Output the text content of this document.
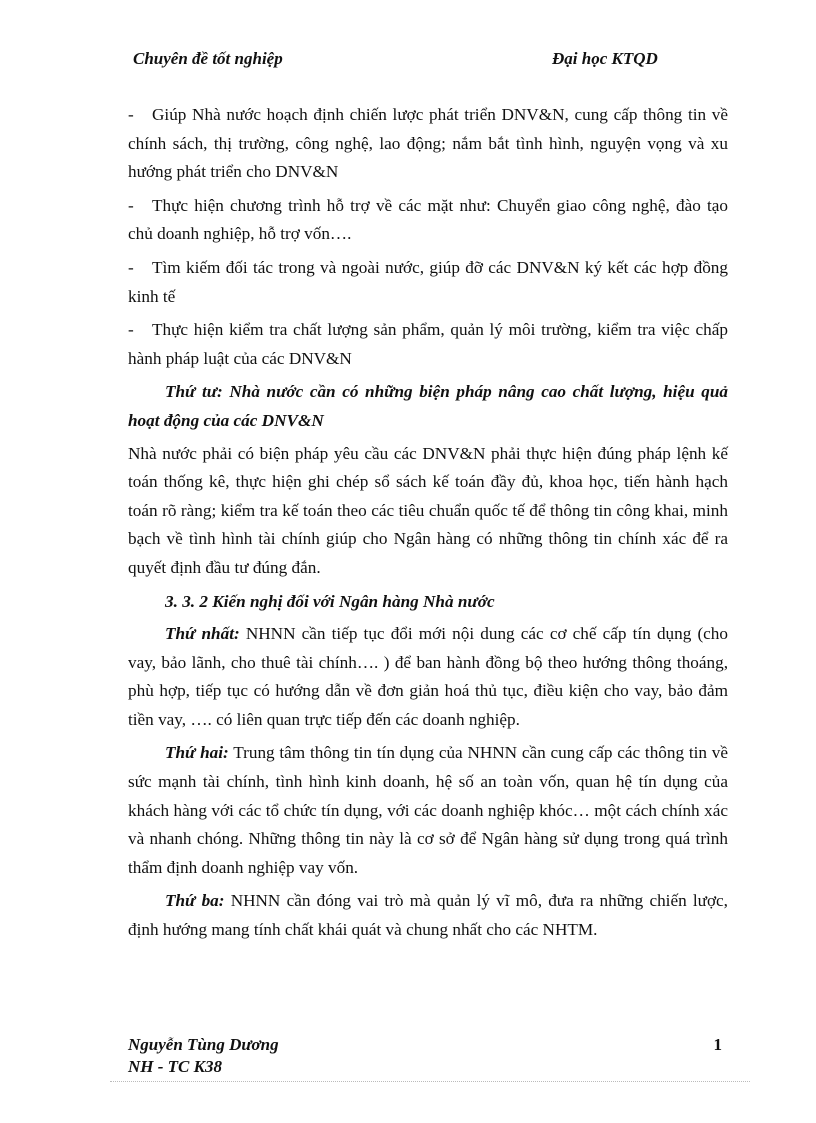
Chuyên đề tốt nghiệp	Đại học KTQD

- Giúp Nhà nước hoạch định chiến lược phát triển DNV&N, cung cấp thông tin về chính sách, thị trường, công nghệ, lao động; nắm bắt tình hình, nguyện vọng và xu hướng phát triển cho DNV&N

- Thực hiện chương trình hỗ trợ về các mặt như: Chuyển giao công nghệ, đào tạo chủ doanh nghiệp, hỗ trợ vốn….

- Tìm kiếm đối tác trong và ngoài nước, giúp đỡ các DNV&N ký kết các hợp đồng kinh tế

- Thực hiện kiểm tra chất lượng sản phẩm, quản lý môi trường, kiểm tra việc chấp hành pháp luật của các DNV&N

Thứ tư: Nhà nước cần có những biện pháp nâng cao chất lượng, hiệu quả hoạt động của các DNV&N

Nhà nước phải có biện pháp yêu cầu các DNV&N phải thực hiện đúng pháp lệnh kế toán thống kê, thực hiện ghi chép sổ sách kế toán đầy đủ, khoa học, tiến hành hạch toán rõ ràng; kiểm tra kế toán theo các tiêu chuẩn quốc tế để thông tin công khai, minh bạch về tình hình tài chính giúp cho Ngân hàng có những thông tin chính xác để ra quyết định đầu tư đúng đắn.

3. 3. 2 Kiến nghị đối với Ngân hàng Nhà nước

Thứ nhất: NHNN cần tiếp tục đổi mới nội dung các cơ chế cấp tín dụng (cho vay, bảo lãnh, cho thuê tài chính…. ) để ban hành đồng bộ theo hướng thông thoáng, phù hợp, tiếp tục có hướng dẫn về đơn giản hoá thủ tục, điều kiện cho vay, bảo đảm tiền vay, …. có liên quan trực tiếp đến các doanh nghiệp.

Thứ hai: Trung tâm thông tin tín dụng của NHNN cần cung cấp các thông tin về sức mạnh tài chính, tình hình kinh doanh, hệ số an toàn vốn, quan hệ tín dụng của khách hàng với các tổ chức tín dụng, với các doanh nghiệp khóc… một cách chính xác và nhanh chóng. Những thông tin này là cơ sở để Ngân hàng sử dụng trong quá trình thẩm định doanh nghiệp vay vốn.

Thứ ba: NHNN cần đóng vai trò mà quản lý vĩ mô, đưa ra những chiến lược, định hướng mang tính chất khái quát và chung nhất cho các NHTM.

Nguyễn Tùng Dương
NH - TC K38
1
